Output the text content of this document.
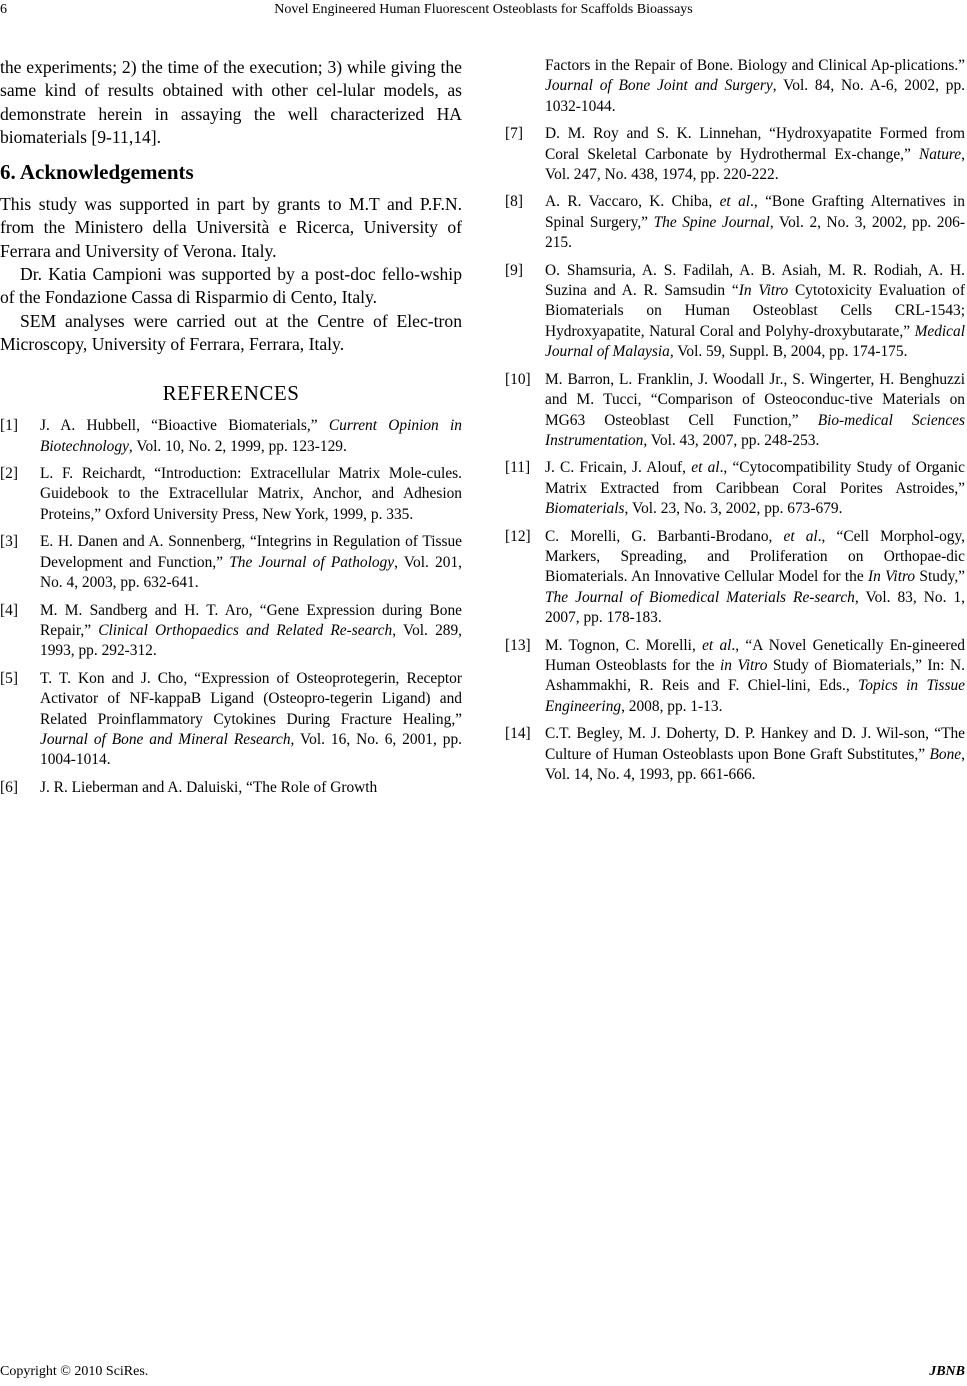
6	Novel Engineered Human Fluorescent Osteoblasts for Scaffolds Bioassays

the experiments; 2) the time of the execution; 3) while giving the same kind of results obtained with other cel-lular models, as demonstrate herein in assaying the well characterized HA biomaterials [9-11,14].

6. Acknowledgements

This study was supported in part by grants to M.T and P.F.N. from the Ministero della Università e Ricerca, University of Ferrara and University of Verona. Italy.

Dr. Katia Campioni was supported by a post-doc fello-wship of the Fondazione Cassa di Risparmio di Cento, Italy.

SEM analyses were carried out at the Centre of Elec-tron Microscopy, University of Ferrara, Ferrara, Italy.

REFERENCES
[1] J. A. Hubbell, “Bioactive Biomaterials,” Current Opinion in Biotechnology, Vol. 10, No. 2, 1999, pp. 123-129.
[2] L. F. Reichardt, “Introduction: Extracellular Matrix Mole-cules. Guidebook to the Extracellular Matrix, Anchor, and Adhesion Proteins,” Oxford University Press, New York, 1999, p. 335.
[3] E. H. Danen and A. Sonnenberg, “Integrins in Regulation of Tissue Development and Function,” The Journal of Pathology, Vol. 201, No. 4, 2003, pp. 632-641.
[4] M. M. Sandberg and H. T. Aro, “Gene Expression during Bone Repair,” Clinical Orthopaedics and Related Re-search, Vol. 289, 1993, pp. 292-312.
[5] T. T. Kon and J. Cho, “Expression of Osteoprotegerin, Receptor Activator of NF-kappaB Ligand (Osteopro-tegerin Ligand) and Related Proinflammatory Cytokines During Fracture Healing,” Journal of Bone and Mineral Research, Vol. 16, No. 6, 2001, pp. 1004-1014.
[6] J. R. Lieberman and A. Daluiski, “The Role of Growth
Factors in the Repair of Bone. Biology and Clinical Ap-plications.” Journal of Bone Joint and Surgery, Vol. 84, No. A-6, 2002, pp. 1032-1044.
[7] D. M. Roy and S. K. Linnehan, “Hydroxyapatite Formed from Coral Skeletal Carbonate by Hydrothermal Ex-change,” Nature, Vol. 247, No. 438, 1974, pp. 220-222.
[8] A. R. Vaccaro, K. Chiba, et al., “Bone Grafting Alternatives in Spinal Surgery,” The Spine Journal, Vol. 2, No. 3, 2002, pp. 206-215.
[9] O. Shamsuria, A. S. Fadilah, A. B. Asiah, M. R. Rodiah, A. H. Suzina and A. R. Samsudin “In Vitro Cytotoxicity Evaluation of Biomaterials on Human Osteoblast Cells CRL-1543; Hydroxyapatite, Natural Coral and Polyhy-droxybutarate,” Medical Journal of Malaysia, Vol. 59, Suppl. B, 2004, pp. 174-175.
[10] M. Barron, L. Franklin, J. Woodall Jr., S. Wingerter, H. Benghuzzi and M. Tucci, “Comparison of Osteoconduc-tive Materials on MG63 Osteoblast Cell Function,” Bio-medical Sciences Instrumentation, Vol. 43, 2007, pp. 248-253.
[11] J. C. Fricain, J. Alouf, et al., “Cytocompatibility Study of Organic Matrix Extracted from Caribbean Coral Porites Astroides,” Biomaterials, Vol. 23, No. 3, 2002, pp. 673-679.
[12] C. Morelli, G. Barbanti-Brodano, et al., “Cell Morphol-ogy, Markers, Spreading, and Proliferation on Orthopae-dic Biomaterials. An Innovative Cellular Model for the In Vitro Study,” The Journal of Biomedical Materials Re-search, Vol. 83, No. 1, 2007, pp. 178-183.
[13] M. Tognon, C. Morelli, et al., “A Novel Genetically En-gineered Human Osteoblasts for the in Vitro Study of Biomaterials,” In: N. Ashammakhi, R. Reis and F. Chiel-lini, Eds., Topics in Tissue Engineering, 2008, pp. 1-13.
[14] C.T. Begley, M. J. Doherty, D. P. Hankey and D. J. Wil-son, “The Culture of Human Osteoblasts upon Bone Graft Substitutes,” Bone, Vol. 14, No. 4, 1993, pp. 661-666.
Copyright © 2010 SciRes.	JBNB
